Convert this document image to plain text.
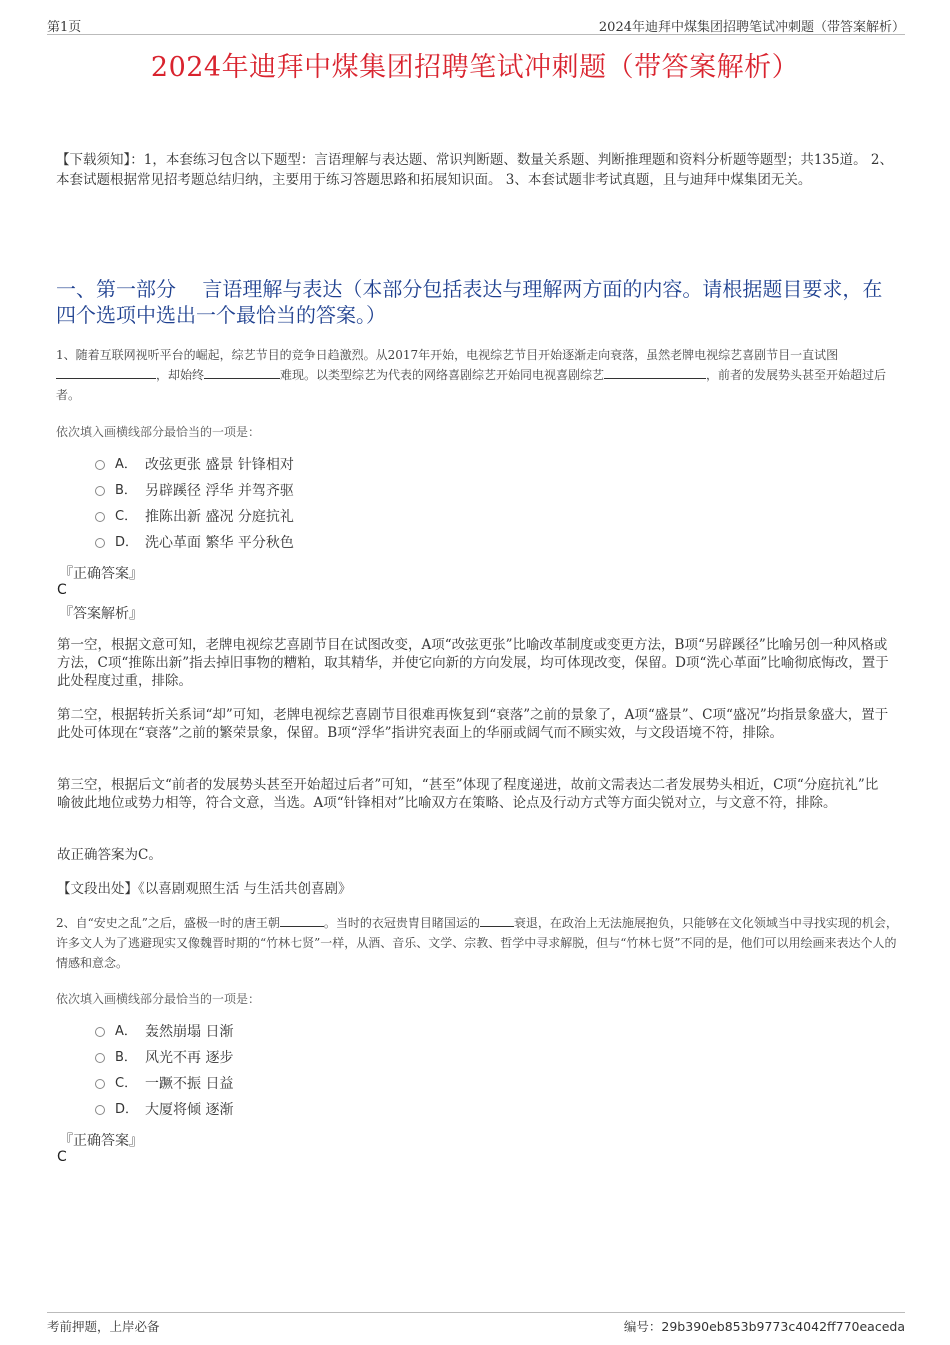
第1页	2024年迪拜中煤集团招聘笔试冲刺题（带答案解析）
2024年迪拜中煤集团招聘笔试冲刺题（带答案解析）
【下载须知】：1，本套练习包含以下题型：言语理解与表达题、常识判断题、数量关系题、判断推理题和资料分析题等题型；共135道。 2、本套试题根据常见招考题总结归纳，主要用于练习答题思路和拓展知识面。 3、本套试题非考试真题，且与迪拜中煤集团无关。
一、第一部分　 言语理解与表达（本部分包括表达与理解两方面的内容。请根据题目要求，在四个选项中选出一个最恰当的答案。）
1、随着互联网视听平台的崛起，综艺节目的竞争日趋激烈。从2017年开始，电视综艺节目开始逐渐走向衰落，虽然老牌电视综艺喜剧节目一直试图，却始终	难现。以类型综艺为代表的网络喜剧综艺开始同电视喜剧综艺	，前者的发展势头甚至开始超过后者。
依次填入画横线部分最恰当的一项是：
A． 改弦更张 盛景 针锋相对
B． 另辟蹊径 浮华 并驾齐驱
C． 推陈出新 盛况 分庭抗礼
D． 洗心革面 繁华 平分秋色
『正确答案』
C
『答案解析』
第一空，根据文意可知，老牌电视综艺喜剧节目在试图改变，A项“改弦更张”比喻改革制度或变更方法，B项“另辟蹊径”比喻另创一种风格或方法，C项“推陈出新”指去掉旧事物的糟粕，取其精华，并使它向新的方向发展，均可体现改变，保留。D项“洗心革面”比喻彻底悔改，置于此处程度过重，排除。
第二空，根据转折关系词“却”可知，老牌电视综艺喜剧节目很难再恢复到“衰落”之前的景象了，A项“盛景”、C项“盛况”均指景象盛大，置于此处可体现在“衰落”之前的繁荣景象，保留。B项“浮华”指讲究表面上的华丽或阔气而不顾实效，与文段语境不符，排除。
第三空，根据后文“前者的发展势头甚至开始超过后者”可知，“甚至”体现了程度递进，故前文需表达二者发展势头相近，C项“分庭抗礼”比喻彼此地位或势力相等，符合文意，当选。A项“针锋相对”比喻双方在策略、论点及行动方式等方面尖锐对立，与文意不符，排除。
故正确答案为C。
【文段出处】《以喜剧观照生活 与生活共创喜剧》
2、自“安史之乱”之后，盛极一时的唐王朝	。当时的衣冠贵胄目睹国运的	衰退，在政治上无法施展抱负，只能够在文化领域当中寻找实现的机会，许多文人为了逃避现实又像魏晋时期的“竹林七贤”一样，从酒、音乐、文学、宗教、哲学中寻求解脱，但与“竹林七贤”不同的是，他们可以用绘画来表达个人的情感和意念。
依次填入画横线部分最恰当的一项是：
A． 轰然崩塌 日渐
B． 风光不再 逐步
C． 一蹶不振 日益
D． 大厦将倾 逐渐
『正确答案』
C
考前押题，上岸必备	编号：29b390eb853b9773c4042ff770eaceda
